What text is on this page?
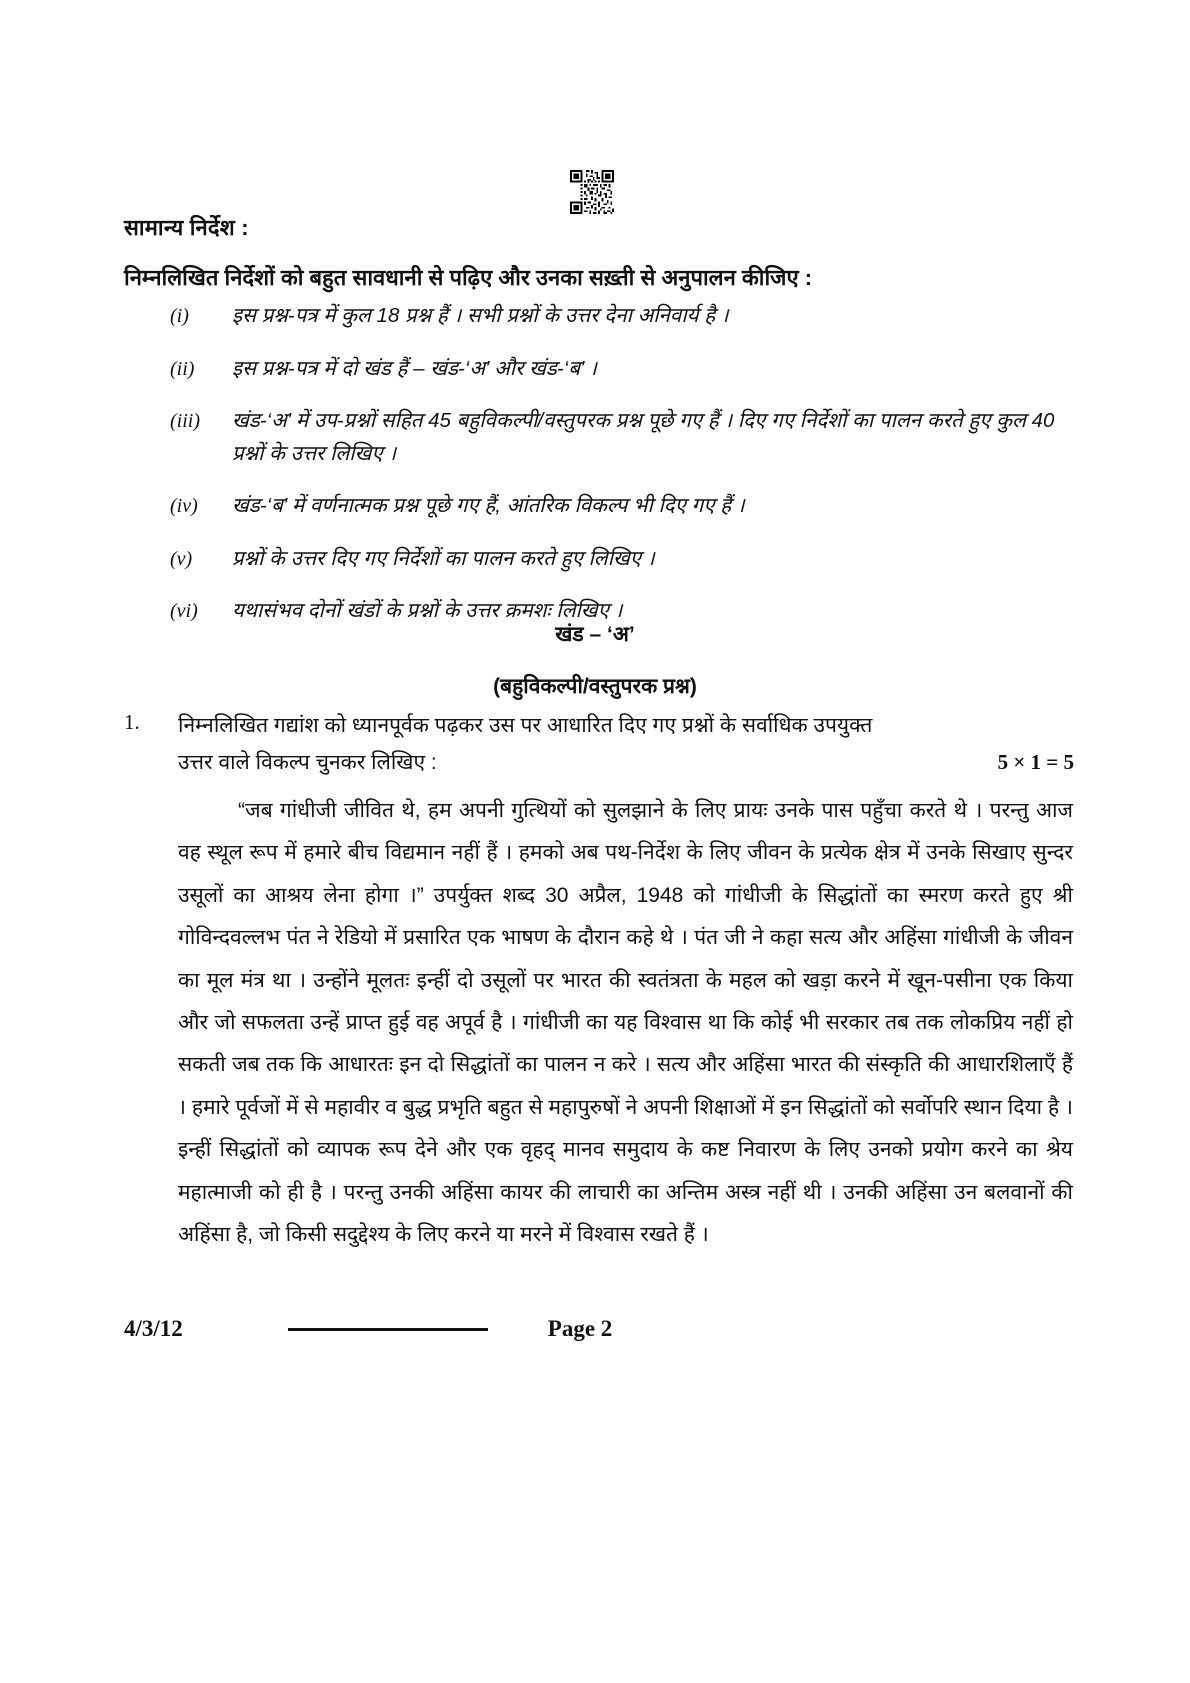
सामान्य निर्देश :
निम्नलिखित निर्देशों को बहुत सावधानी से पढ़िए और उनका सख़्ती से अनुपालन कीजिए :
(i)	इस प्रश्न-पत्र में कुल 18 प्रश्न हैं । सभी प्रश्नों के उत्तर देना अनिवार्य है ।
(ii)	इस प्रश्न-पत्र में दो खंड हैं – खंड-‘अ’ और खंड-‘ब’ ।
(iii)	खंड-‘अ’ में उप-प्रश्नों सहित 45 बहुविकल्पी/वस्तुपरक प्रश्न पूछे गए हैं । दिए गए निर्देशों का पालन करते हुए कुल 40 प्रश्नों के उत्तर लिखिए ।
(iv)	खंड-‘ब’ में वर्णनात्मक प्रश्न पूछे गए हैं, आंतरिक विकल्प भी दिए गए हैं ।
(v)	प्रश्नों के उत्तर दिए गए निर्देशों का पालन करते हुए लिखिए ।
(vi)	यथासंभव दोनों खंडों के प्रश्नों के उत्तर क्रमशः लिखिए ।
खंड – ‘अ’
(बहुविकल्पी/वस्तुपरक प्रश्न)
1.	निम्नलिखित गद्यांश को ध्यानपूर्वक पढ़कर उस पर आधारित दिए गए प्रश्नों के सर्वाधिक उपयुक्त
उत्तर वाले विकल्प चुनकर लिखिए :	5 × 1 = 5
“जब गांधीजी जीवित थे, हम अपनी गुत्थियों को सुलझाने के लिए प्रायः उनके पास पहुँचा करते थे । परन्तु आज वह स्थूल रूप में हमारे बीच विद्यमान नहीं हैं । हमको अब पथ-निर्देश के लिए जीवन के प्रत्येक क्षेत्र में उनके सिखाए सुन्दर उसूलों का आश्रय लेना होगा ।” उपर्युक्त शब्द 30 अप्रैल, 1948 को गांधीजी के सिद्धांतों का स्मरण करते हुए श्री गोविन्दवल्लभ पंत ने रेडियो में प्रसारित एक भाषण के दौरान कहे थे । पंत जी ने कहा सत्य और अहिंसा गांधीजी के जीवन का मूल मंत्र था । उन्होंने मूलतः इन्हीं दो उसूलों पर भारत की स्वतंत्रता के महल को खड़ा करने में खून-पसीना एक किया और जो सफलता उन्हें प्राप्त हुई वह अपूर्व है । गांधीजी का यह विश्वास था कि कोई भी सरकार तब तक लोकप्रिय नहीं हो सकती जब तक कि आधारतः इन दो सिद्धांतों का पालन न करे । सत्य और अहिंसा भारत की संस्कृति की आधारशिलाएँ हैं । हमारे पूर्वजों में से महावीर व बुद्ध प्रभृति बहुत से महापुरुषों ने अपनी शिक्षाओं में इन सिद्धांतों को सर्वोपरि स्थान दिया है । इन्हीं सिद्धांतों को व्यापक रूप देने और एक वृहद् मानव समुदाय के कष्ट निवारण के लिए उनको प्रयोग करने का श्रेय महात्माजी को ही है । परन्तु उनकी अहिंसा कायर की लाचारी का अन्तिम अस्त्र नहीं थी । उनकी अहिंसा उन बलवानों की अहिंसा है, जो किसी सदुद्देश्य के लिए करने या मरने में विश्वास रखते हैं ।
4/3/12	Page 2
